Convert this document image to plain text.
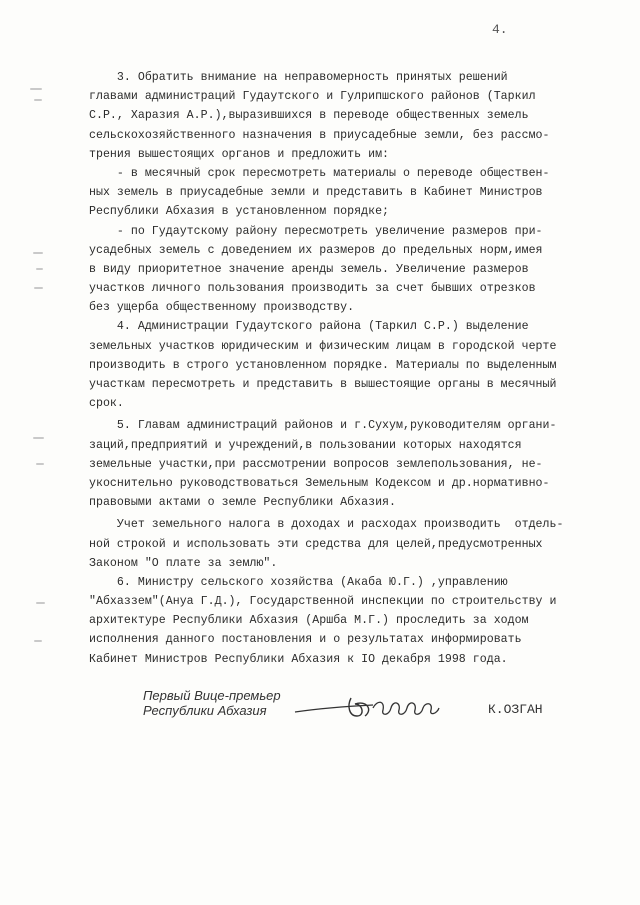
4.
3. Обратить внимание на неправомерность принятых решений
главами администраций Гудаутского и Гулрипшского районов (Таркил
С.Р., Харазия А.Р.),выразившихся в переводе общественных земель
сельскохозяйственного назначения в приусадебные земли, без рассмо-
трения вышестоящих органов и предложить им:
- в месячный срок пересмотреть материалы о переводе обществен-
ных земель в приусадебные земли и представить в Кабинет Министров
Республики Абхазия в установленном порядке;
- по Гудаутскому району пересмотреть увеличение размеров при-
усадебных земель с доведением их размеров до предельных норм,имея
в виду приоритетное значение аренды земель. Увеличение размеров
участков личного пользования производить за счет бывших отрезков
без ущерба общественному производству.
4. Администрации Гудаутского района (Таркил С.Р.) выделение
земельных участков юридическим и физическим лицам в городской черте
производить в строго установленном порядке. Материалы по выделенным
участкам пересмотреть и представить в вышестоящие органы в месячный
срок.
5. Главам администраций районов и г.Сухум,руководителям органи-
заций,предприятий и учреждений,в пользовании которых находятся
земельные участки,при рассмотрении вопросов землепользования, не-
укоснительно руководствоваться Земельным Кодексом и др.нормативно-
правовыми актами о земле Республики Абхазия.
Учет земельного налога в доходах и расходах производить  отдель-
ной строкой и использовать эти средства для целей,предусмотренных
Законом "О плате за землю".
6. Министру сельского хозяйства (Акаба Ю.Г.) ,управлению
"Абхаззем"(Ануа Г.Д.), Государственной инспекции по строительству и
архитектуре Республики Абхазия (Аршба М.Г.) проследить за ходом
исполнения данного постановления и о результатах информировать
Кабинет Министров Республики Абхазия к IO декабря 1998 года.
Первый Вице-премьер
Республики Абхазия	К.ОЗГАН
